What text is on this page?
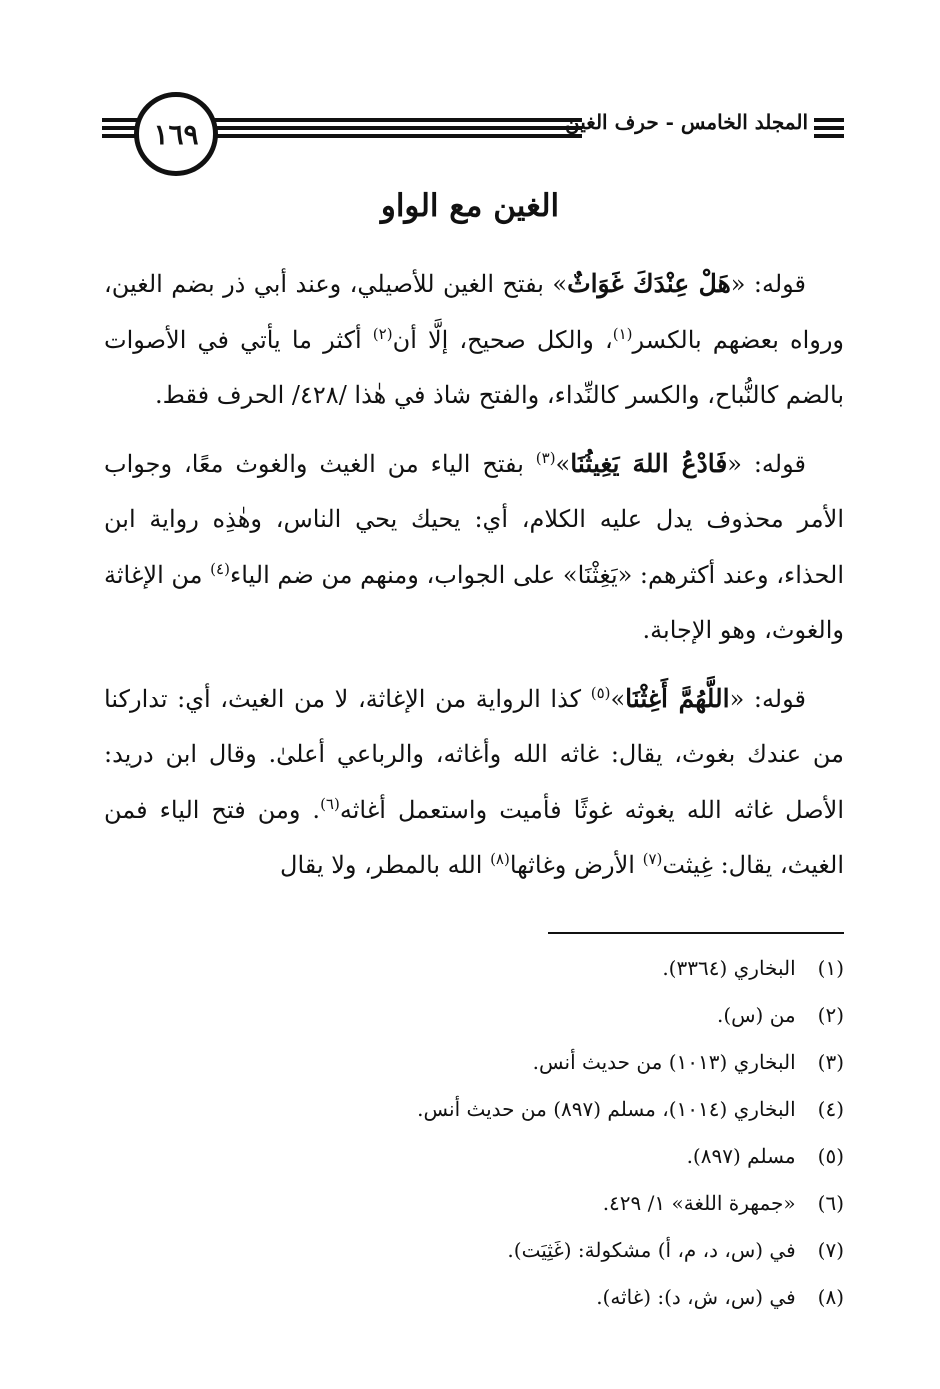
١٦٩	المجلد الخامس - حرف الغين
الغين مع الواو

قوله: «هَلْ عِنْدَكَ غَوَاثٌ» بفتح الغين للأصيلي، وعند أبي ذر بضم الغين، ورواه بعضهم بالكسر$^{(١)}$، والكل صحيح، إلَّا أن$^{(٢)}$ أكثر ما يأتي في الأصوات بالضم كالنُّباح، والكسر كالنِّداء، والفتح شاذ في هٰذا /٤٢٨/ الحرف فقط.

قوله: «فَادْعُ اللهَ يَغِيثُنَا»$^{(٣)}$ بفتح الياء من الغيث والغوث معًا، وجواب الأمر محذوف يدل عليه الكلام، أي: يحيك يحي الناس، وهٰذِه رواية ابن الحذاء، وعند أكثرهم: «يَغِثْنَا» على الجواب، ومنهم من ضم الياء$^{(٤)}$ من الإغاثة والغوث، وهو الإجابة.

قوله: «اللَّهُمَّ أَغِثْنَا»$^{(٥)}$ كذا الرواية من الإغاثة، لا من الغيث، أي: تداركنا من عندك بغوث، يقال: غاثه الله وأغاثه، والرباعي أعلىٰ. وقال ابن دريد: الأصل غاثه الله يغوثه غوثًا فأميت واستعمل أغاثه$^{(٦)}$. ومن فتح الياء فمن الغيث، يقال: غِيثت$^{(٧)}$ الأرض وغاثها$^{(٨)}$ الله بالمطر، ولا يقال

(١) البخاري (٣٣٦٤).
(٢) من (س).
(٣) البخاري (١٠١٣) من حديث أنس.
(٤) البخاري (١٠١٤)، مسلم (٨٩٧) من حديث أنس.
(٥) مسلم (٨٩٧).
(٦) «جمهرة اللغة» ١/ ٤٢٩.
(٧) في (س، د، م، أ) مشكولة: (غَثِيَت).
(٨) في (س، ش، د): (غاثه).
